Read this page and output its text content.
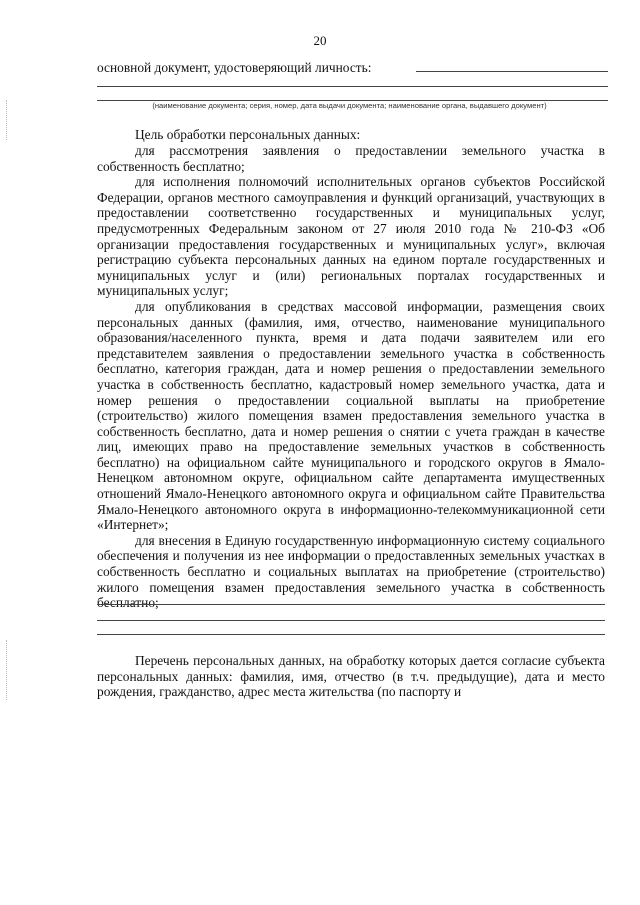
20
основной документ, удостоверяющий личность:
(наименование документа; серия, номер, дата выдачи документа; наименование органа, выдавшего документ)
Цель обработки персональных данных:

для рассмотрения заявления о предоставлении земельного участка в собственность бесплатно;

для исполнения полномочий исполнительных органов субъектов Российской Федерации, органов местного самоуправления и функций организаций, участвующих в предоставлении соответственно государственных и муниципальных услуг, предусмотренных Федеральным законом от 27 июля 2010 года № 210-ФЗ «Об организации предоставления государственных и муниципальных услуг», включая регистрацию субъекта персональных данных на едином портале государственных и муниципальных услуг и (или) региональных порталах государственных и муниципальных услуг;

для опубликования в средствах массовой информации, размещения своих персональных данных (фамилия, имя, отчество, наименование муниципального образования/населенного пункта, время и дата подачи заявителем или его представителем заявления о предоставлении земельного участка в собственность бесплатно, категория граждан, дата и номер решения о предоставлении земельного участка в собственность бесплатно, кадастровый номер земельного участка, дата и номер решения о предоставлении социальной выплаты на приобретение (строительство) жилого помещения взамен предоставления земельного участка в собственность бесплатно, дата и номер решения о снятии с учета граждан в качестве лиц, имеющих право на предоставление земельных участков в собственность бесплатно) на официальном сайте муниципального и городского округов в Ямало-Ненецком автономном округе, официальном сайте департамента имущественных отношений Ямало-Ненецкого автономного округа и официальном сайте Правительства Ямало-Ненецкого автономного округа в информационно-телекоммуникационной сети «Интернет»;

для внесения в Единую государственную информационную систему социального обеспечения и получения из нее информации о предоставленных земельных участках в собственность бесплатно и социальных выплатах на приобретение (строительство) жилого помещения взамен предоставления земельного участка в собственность бесплатно;

Перечень персональных данных, на обработку которых дается согласие субъекта персональных данных: фамилия, имя, отчество (в т.ч. предыдущие), дата и место рождения, гражданство, адрес места жительства (по паспорту и
